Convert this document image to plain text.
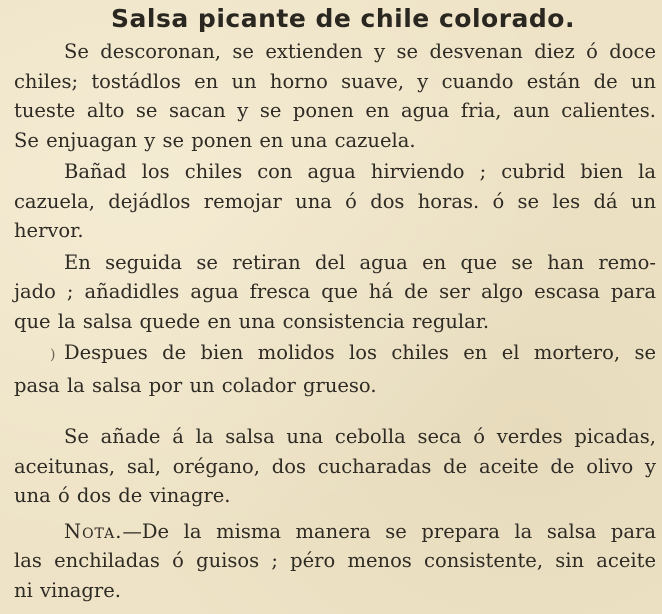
Salsa picante de chile colorado.
Se descoronan, se extienden y se desvenan diez ó doce
chiles; tostádlos en un horno suave, y cuando están de un
tueste alto se sacan y se ponen en agua fria, aun calientes.
Se enjuagan y se ponen en una cazuela.
Bañad los chiles con agua hirviendo ; cubrid bien la
cazuela, dejádlos remojar una ó dos horas. ó se les dá un
hervor.
En seguida se retiran del agua en que se han remo-
jado ; añadidles agua fresca que há de ser algo escasa para
que la salsa quede en una consistencia regular.
) Despues de bien molidos los chiles en el mortero, se
pasa la salsa por un colador grueso.
Se añade á la salsa una cebolla seca ó verdes picadas,
aceitunas, sal, orégano, dos cucharadas de aceite de olivo y
una ó dos de vinagre.
Nota.—De la misma manera se prepara la salsa para
las enchiladas ó guisos ; péro menos consistente, sin aceite
ni vinagre.
